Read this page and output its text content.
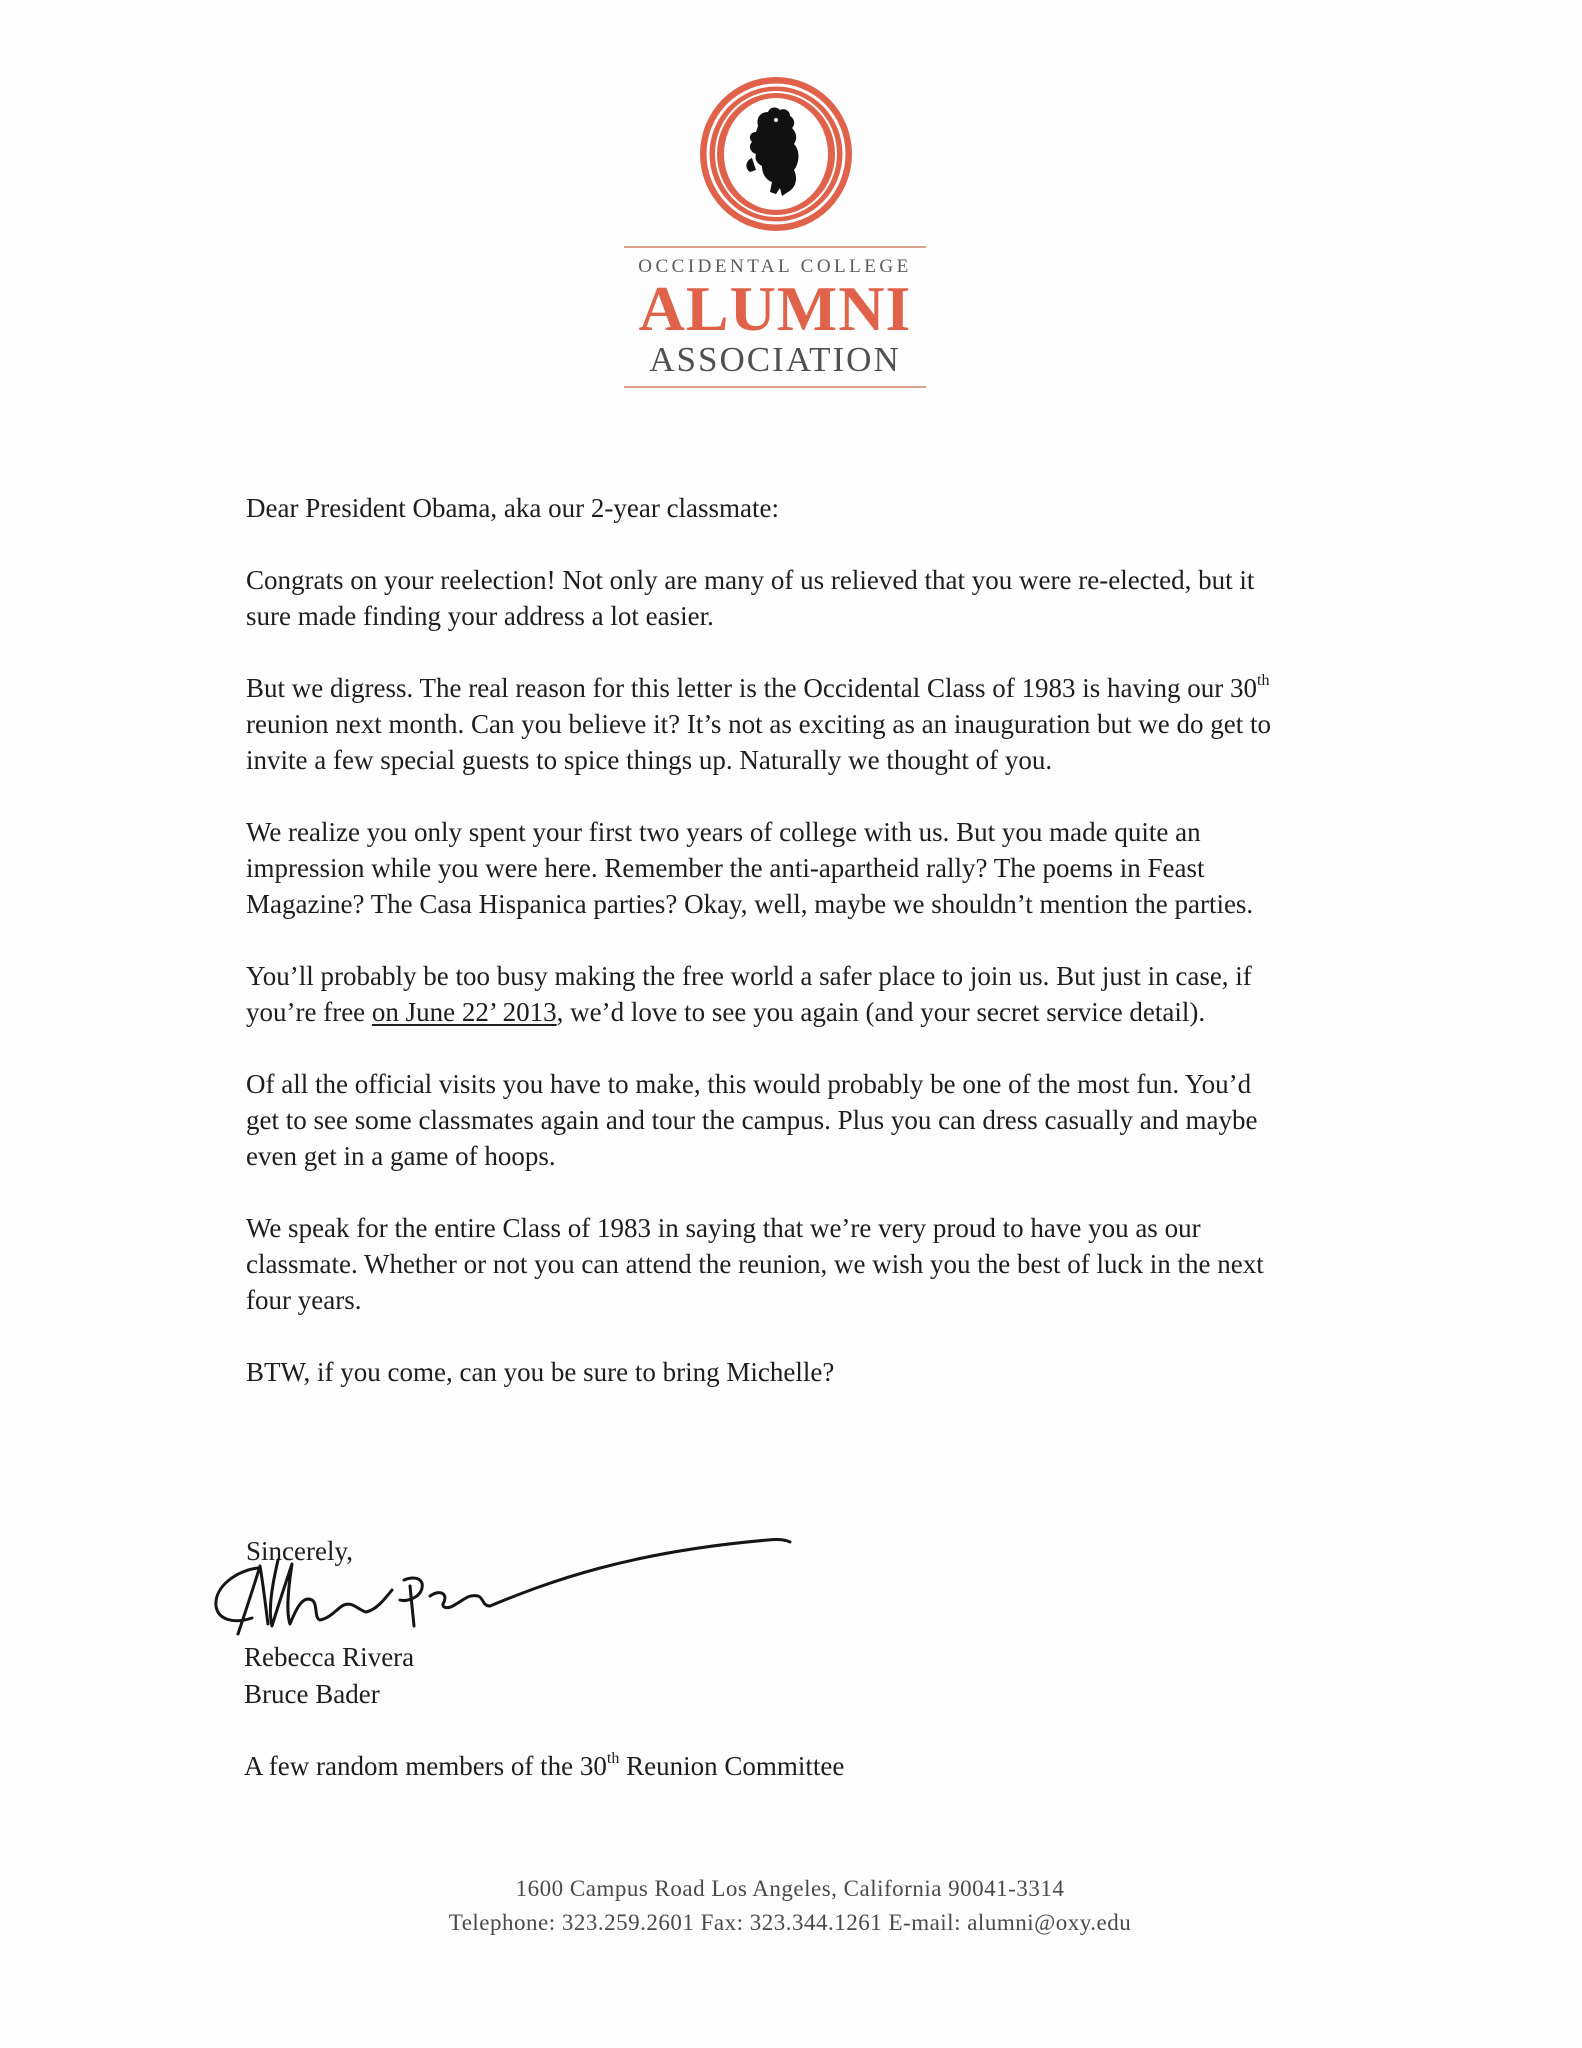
OCCIDENTAL COLLEGE
ALUMNI
ASSOCIATION

Dear President Obama, aka our 2-year classmate:

Congrats on your reelection! Not only are many of us relieved that you were re-elected, but it sure made finding your address a lot easier.

But we digress. The real reason for this letter is the Occidental Class of 1983 is having our 30th reunion next month. Can you believe it? It’s not as exciting as an inauguration but we do get to invite a few special guests to spice things up. Naturally we thought of you.

We realize you only spent your first two years of college with us. But you made quite an impression while you were here. Remember the anti-apartheid rally? The poems in Feast Magazine? The Casa Hispanica parties? Okay, well, maybe we shouldn’t mention the parties.

You’ll probably be too busy making the free world a safer place to join us. But just in case, if you’re free on June 22’ 2013, we’d love to see you again (and your secret service detail).

Of all the official visits you have to make, this would probably be one of the most fun. You’d get to see some classmates again and tour the campus. Plus you can dress casually and maybe even get in a game of hoops.

We speak for the entire Class of 1983 in saying that we’re very proud to have you as our classmate. Whether or not you can attend the reunion, we wish you the best of luck in the next four years.

BTW, if you come, can you be sure to bring Michelle?

Sincerely,
Rebecca Rivera
Bruce Bader
A few random members of the 30th Reunion Committee
1600 Campus Road Los Angeles, California 90041-3314
Telephone: 323.259.2601 Fax: 323.344.1261 E-mail: alumni@oxy.edu
